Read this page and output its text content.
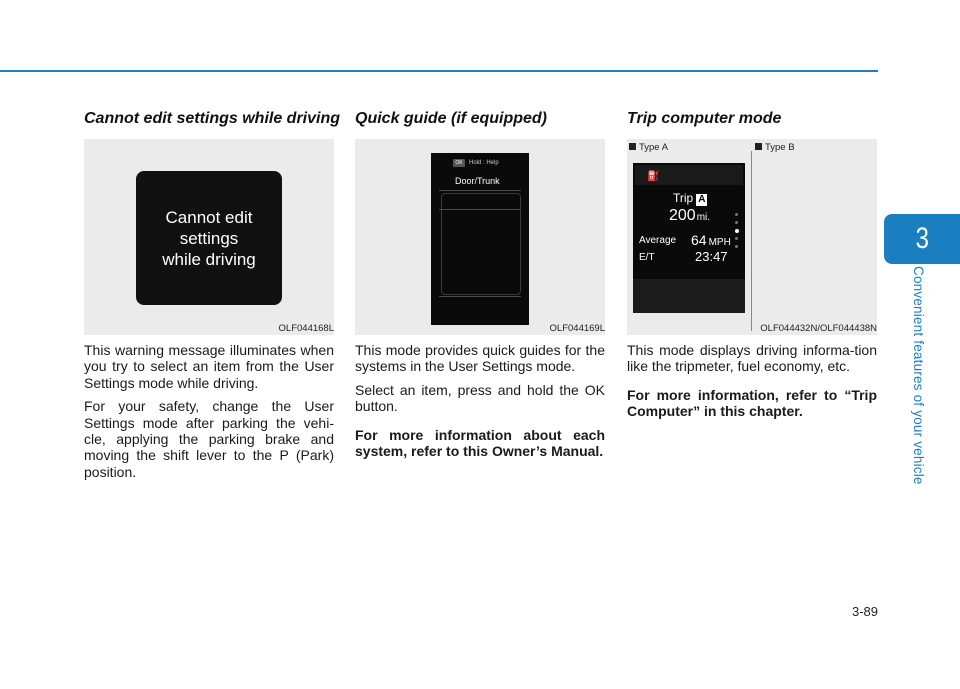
3
Convenient features of your vehicle
3-89
Cannot edit settings while driving
Cannot edit
settings
while driving
OLF044168L

This warning message illuminates when you try to select an item from the User Settings mode while driving.

For your safety, change the User Settings mode after parking the vehi-cle, applying the parking brake and moving the shift lever to the P (Park) position.

Quick guide (if equipped)
OK	Hold : Help
Door/Trunk
OLF044169L

This mode provides quick guides for the systems in the User Settings mode.

Select an item, press and hold the OK button.

For more information about each system, refer to this Owner’s Manual.

Trip computer mode
Type A	Type B
⛽
Trip A
200mi.
Average 64 MPH
E/T	23:47
OLF044432N/OLF044438N

This mode displays driving informa-tion like the tripmeter, fuel economy, etc.

For more information, refer to “Trip Computer” in this chapter.
